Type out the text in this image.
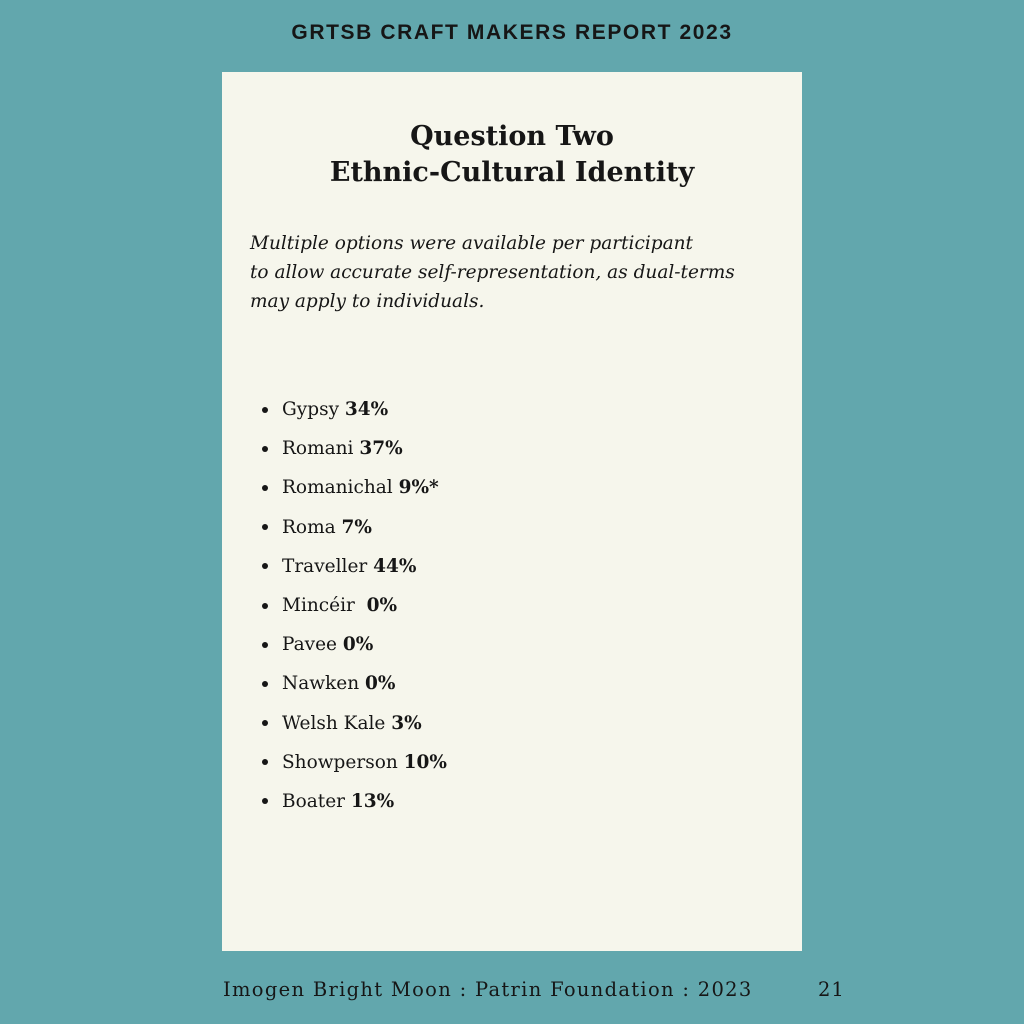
GRTSB CRAFT MAKERS REPORT 2023
Question Two
Ethnic-Cultural Identity
Multiple options were available per participant
to allow accurate self-representation, as dual-terms
may apply to individuals.
Gypsy 34%
Romani 37%
Romanichal 9%*
Roma 7%
Traveller 44%
Mincéir  0%
Pavee 0%
Nawken 0%
Welsh Kale 3%
Showperson 10%
Boater 13%
Imogen Bright Moon : Patrin Foundation : 2023	21
